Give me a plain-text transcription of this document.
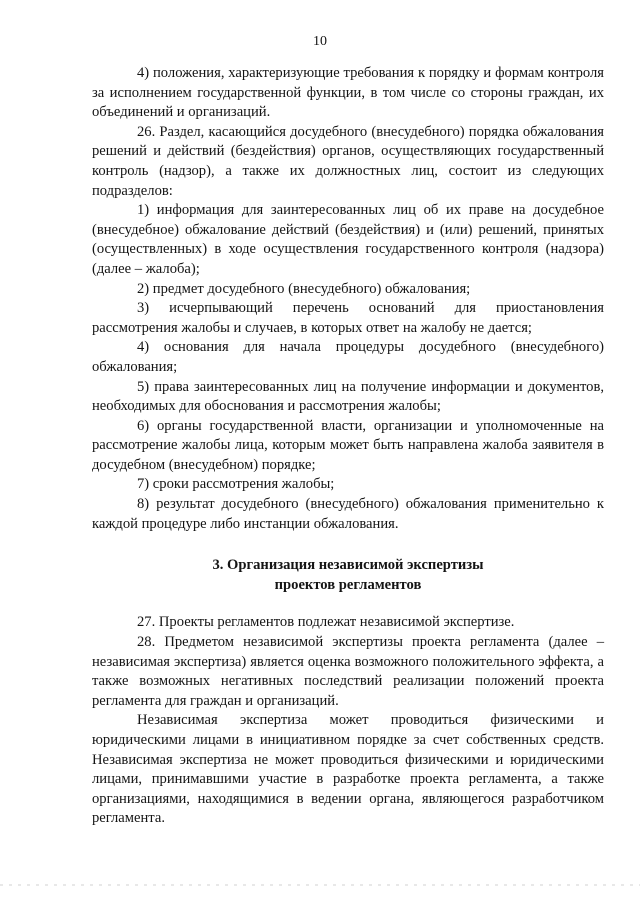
10

4) положения, характеризующие требования к порядку и формам контроля за исполнением государственной функции, в том числе со стороны граждан, их объединений и организаций.

26. Раздел, касающийся досудебного (внесудебного) порядка обжалования решений и действий (бездействия) органов, осуществляющих государственный контроль (надзор), а также их должностных лиц, состоит из следующих подразделов:

1) информация для заинтересованных лиц об их праве на досудебное (внесудебное) обжалование действий (бездействия) и (или) решений, принятых (осуществленных) в ходе осуществления государственного контроля (надзора) (далее – жалоба);

2) предмет досудебного (внесудебного) обжалования;

3) исчерпывающий перечень оснований для приостановления рассмотрения жалобы и случаев, в которых ответ на жалобу не дается;

4) основания для начала процедуры досудебного (внесудебного) обжалования;

5) права заинтересованных лиц на получение информации и документов, необходимых для обоснования и рассмотрения жалобы;

6) органы государственной власти, организации и уполномоченные на рассмотрение жалобы лица, которым может быть направлена жалоба заявителя в досудебном (внесудебном) порядке;

7) сроки рассмотрения жалобы;

8) результат досудебного (внесудебного) обжалования применительно к каждой процедуре либо инстанции обжалования.

3. Организация независимой экспертизы

проектов регламентов

27. Проекты регламентов подлежат независимой экспертизе.

28. Предметом независимой экспертизы проекта регламента (далее – независимая экспертиза) является оценка возможного положительного эффекта, а также возможных негативных последствий реализации положений проекта регламента для граждан и организаций.

Независимая экспертиза может проводиться физическими и юридическими лицами в инициативном порядке за счет собственных средств. Независимая экспертиза не может проводиться физическими и юридическими лицами, принимавшими участие в разработке проекта регламента, а также организациями, находящимися в ведении органа, являющегося разработчиком регламента.
